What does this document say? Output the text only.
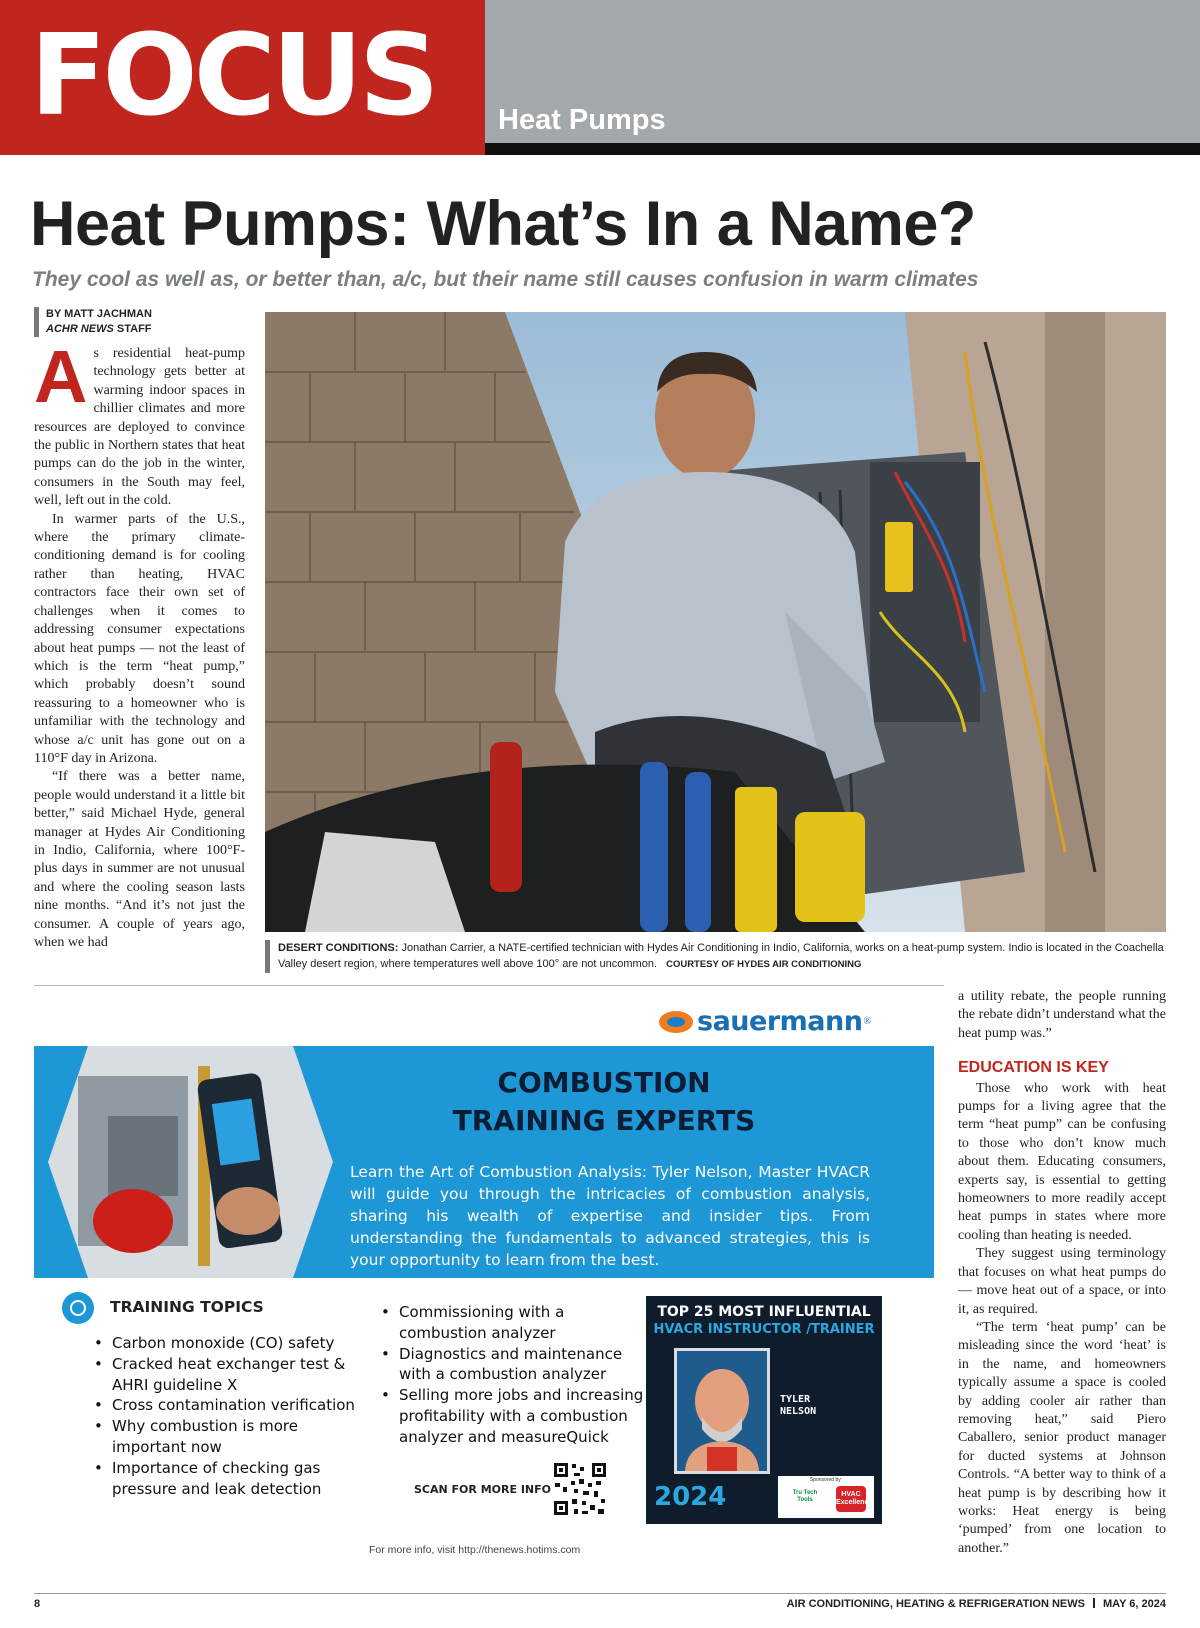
FOCUS Heat Pumps
Heat Pumps: What’s In a Name?
They cool as well as, or better than, a/c, but their name still causes confusion in warm climates
BY MATT JACHMAN
ACHR NEWS STAFF

As residential heat-pump technology gets better at warming indoor spaces in chillier climates and more resources are deployed to convince the public in Northern states that heat pumps can do the job in the winter, consumers in the South may feel, well, left out in the cold.

In warmer parts of the U.S., where the primary climate-conditioning demand is for cooling rather than heating, HVAC contractors face their own set of challenges when it comes to addressing consumer expectations about heat pumps — not the least of which is the term “heat pump,” which probably doesn’t sound reassuring to a homeowner who is unfamiliar with the technology and whose a/c unit has gone out on a 110°F day in Arizona.

“If there was a better name, people would understand it a little bit better,” said Michael Hyde, general manager at Hydes Air Conditioning in Indio, California, where 100°F-plus days in summer are not unusual and where the cooling season lasts nine months. “And it’s not just the consumer. A couple of years ago, when we had	DESERT CONDITIONS: Jonathan Carrier, a NATE-certified technician with Hydes Air Conditioning in Indio, California, works on a heat-pump system. Indio is located in the Coachella Valley desert region, where temperatures well above 100° are not uncommon. COURTESY OF HYDES AIR CONDITIONING
sauermann ®
COMBUSTION
TRAINING EXPERTS
Learn the Art of Combustion Analysis: Tyler Nelson, Master HVACR will guide you through the intricacies of combustion analysis, sharing his wealth of expertise and insider tips. From understanding the fundamentals to advanced strategies, this is your opportunity to learn from the best.
TRAINING TOPICS
• Carbon monoxide (CO) safety
• Cracked heat exchanger test & AHRI guideline X
• Cross contamination verification
• Why combustion is more important now
• Importance of checking gas pressure and leak detection
• Commissioning with a combustion analyzer
• Diagnostics and maintenance with a combustion analyzer
• Selling more jobs and increasing profitability with a combustion analyzer and measureQuick
SCAN FOR MORE INFO
TOP 25 MOST INFLUENTIAL
HVACR INSTRUCTOR /TRAINER
TYLER
NELSON
2024
Sponsored by:
Tru Tech Tools
HVAC Excellence
For more info, visit http://thenews.hotims.com

a utility rebate, the people running the rebate didn’t understand what the heat pump was.”

EDUCATION IS KEY

Those who work with heat pumps for a living agree that the term “heat pump” can be confusing to those who don’t know much about them. Educating consumers, experts say, is essential to getting homeowners to more readily accept heat pumps in states where more cooling than heating is needed.

They suggest using terminology that focuses on what heat pumps do — move heat out of a space, or into it, as required.

“The term ‘heat pump’ can be misleading since the word ‘heat’ is in the name, and homeowners typically assume a space is cooled by adding cooler air rather than removing heat,” said Piero Caballero, senior product manager for ducted systems at Johnson Controls. “A better way to think of a heat pump is by describing how it works: Heat energy is being ‘pumped’ from one location to another.”

8	AIR CONDITIONING, HEATING & REFRIGERATION NEWS MAY 6, 2024
